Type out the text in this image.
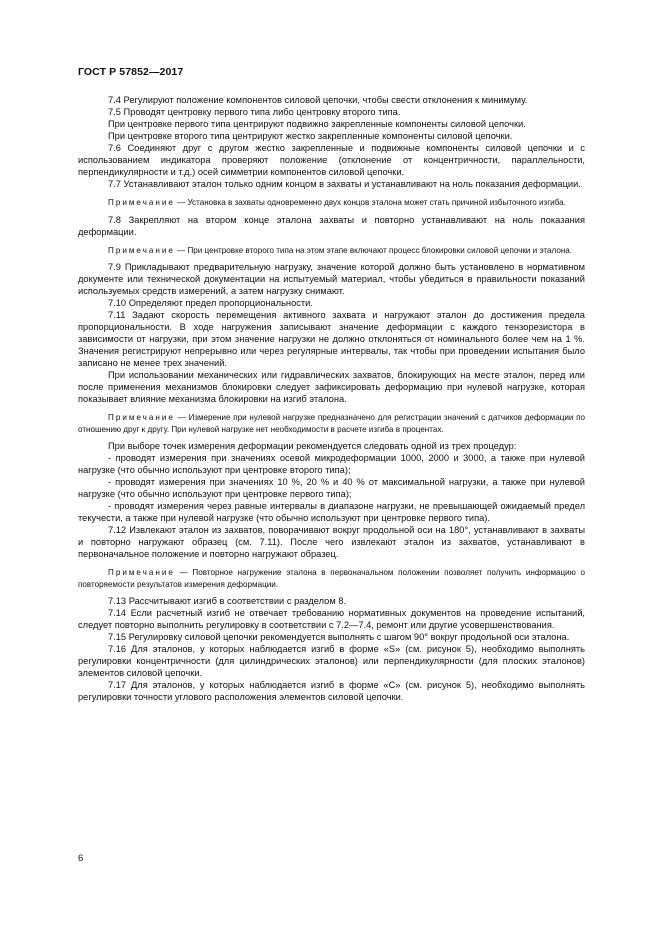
ГОСТ Р 57852—2017

7.4 Регулируют положение компонентов силовой цепочки, чтобы свести отклонения к минимуму.

7.5 Проводят центровку первого типа либо центровку второго типа.

При центровке первого типа центрируют подвижно закрепленные компоненты силовой цепочки.

При центровке второго типа центрируют жестко закрепленные компоненты силовой цепочки.

7.6 Соединяют друг с другом жестко закрепленные и подвижные компоненты силовой цепочки и с использованием индикатора проверяют положение (отклонение от концентричности, параллельности, перпендикулярности и т.д.) осей симметрии компонентов силовой цепочки.

7.7 Устанавливают эталон только одним концом в захваты и устанавливают на ноль показания деформации.

Примечание — Установка в захваты одновременно двух концов эталона может стать причиной избыточного изгиба.

7.8 Закрепляют на втором конце эталона захваты и повторно устанавливают на ноль показания деформации.

Примечание — При центровке второго типа на этом этапе включают процесс блокировки силовой цепочки и эталона.

7.9 Прикладывают предварительную нагрузку, значение которой должно быть установлено в нормативном документе или технической документации на испытуемый материал, чтобы убедиться в правильности показаний используемых средств измерений, а затем нагрузку снимают.

7.10 Определяют предел пропорциональности.

7.11 Задают скорость перемещения активного захвата и нагружают эталон до достижения предела пропорциональности. В ходе нагружения записывают значение деформации с каждого тензорезистора в зависимости от нагрузки, при этом значение нагрузки не должно отклоняться от номинального более чем на 1 %. Значения регистрируют непрерывно или через регулярные интервалы, так чтобы при проведении испытания было записано не менее трех значений.

При использовании механических или гидравлических захватов, блокирующих на месте эталон, перед или после применения механизмов блокировки следует зафиксировать деформацию при нулевой нагрузке, которая показывает влияние механизма блокировки на изгиб эталона.

Примечание — Измерение при нулевой нагрузке предназначено для регистрации значений с датчиков деформации по отношению друг к другу. При нулевой нагрузке нет необходимости в расчете изгиба в процентах.

При выборе точек измерения деформации рекомендуется следовать одной из трех процедур:

- проводят измерения при значениях осевой микродеформации 1000, 2000 и 3000, а также при нулевой нагрузке (что обычно используют при центровке второго типа);

- проводят измерения при значениях 10 %, 20 % и 40 % от максимальной нагрузки, а также при нулевой нагрузке (что обычно используют при центровке первого типа);

- проводят измерения через равные интервалы в диапазоне нагрузки, не превышающей ожидаемый предел текучести, а также при нулевой нагрузке (что обычно используют при центровке первого типа).

7.12 Извлекают эталон из захватов, поворачивают вокруг продольной оси на 180°, устанавливают в захваты и повторно нагружают образец (см. 7.11). После чего извлекают эталон из захватов, устанавливают в первоначальное положение и повторно нагружают образец.

Примечание — Повторное нагружение эталона в первоначальном положении позволяет получить информацию о повторяемости результатов измерения деформации.

7.13 Рассчитывают изгиб в соответствии с разделом 8.

7.14 Если расчетный изгиб не отвечает требованию нормативных документов на проведение испытаний, следует повторно выполнить регулировку в соответствии с 7.2—7.4, ремонт или другие усовершенствования.

7.15 Регулировку силовой цепочки рекомендуется выполнять с шагом 90° вокруг продольной оси эталона.

7.16 Для эталонов, у которых наблюдается изгиб в форме «S» (см. рисунок 5), необходимо выполнять регулировки концентричности (для цилиндрических эталонов) или перпендикулярности (для плоских эталонов) элементов силовой цепочки.

7.17 Для эталонов, у которых наблюдается изгиб в форме «С» (см. рисунок 5), необходимо выполнять регулировки точности углового расположения элементов силовой цепочки.

6
